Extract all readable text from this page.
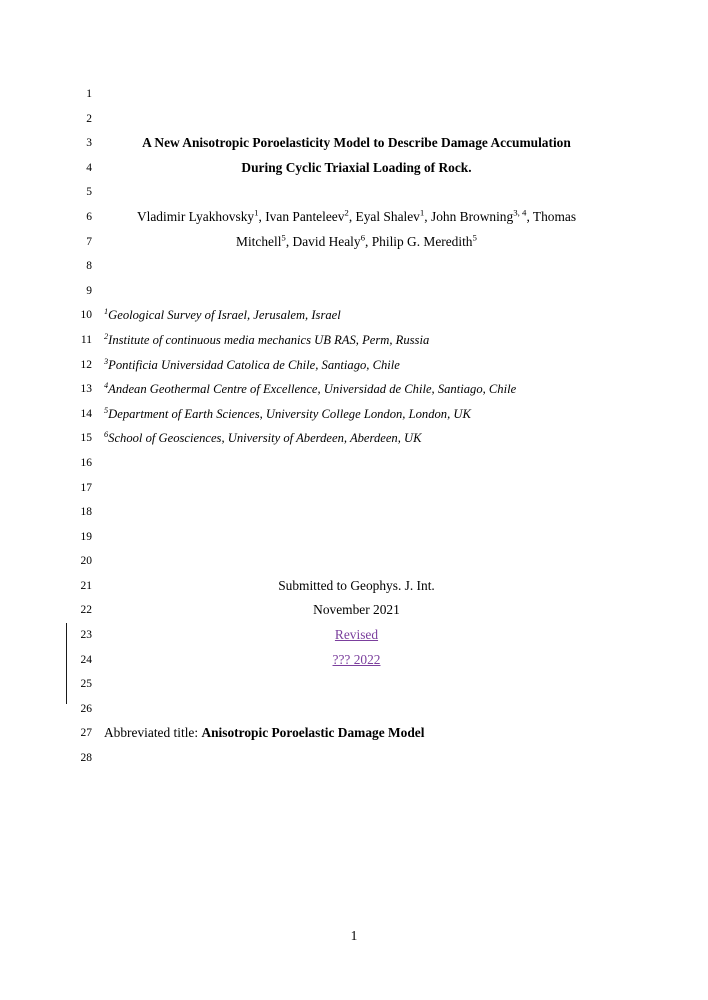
1
2
3
4
5
6
7
8
9
10
11
12
13
14
15
16
17
18
19
20
21
22
23
24
25
26
27
28
A New Anisotropic Poroelasticity Model to Describe Damage Accumulation
During Cyclic Triaxial Loading of Rock.
Vladimir Lyakhovsky$^1$, Ivan Panteleev$^2$, Eyal Shalev$^1$, John Browning$^{3, 4}$, Thomas
Mitchell$^5$, David Healy$^6$, Philip G. Meredith$^5$
$^1$Geological Survey of Israel, Jerusalem, Israel
$^2$Institute of continuous media mechanics UB RAS, Perm, Russia
$^3$Pontificia Universidad Catolica de Chile, Santiago, Chile
$^4$Andean Geothermal Centre of Excellence, Universidad de Chile, Santiago, Chile
$^5$Department of Earth Sciences, University College London, London, UK
$^6$School of Geosciences, University of Aberdeen, Aberdeen, UK
Submitted to Geophys. J. Int.
November 2021
Revised
??? 2022
Abbreviated title: Anisotropic Poroelastic Damage Model
1
